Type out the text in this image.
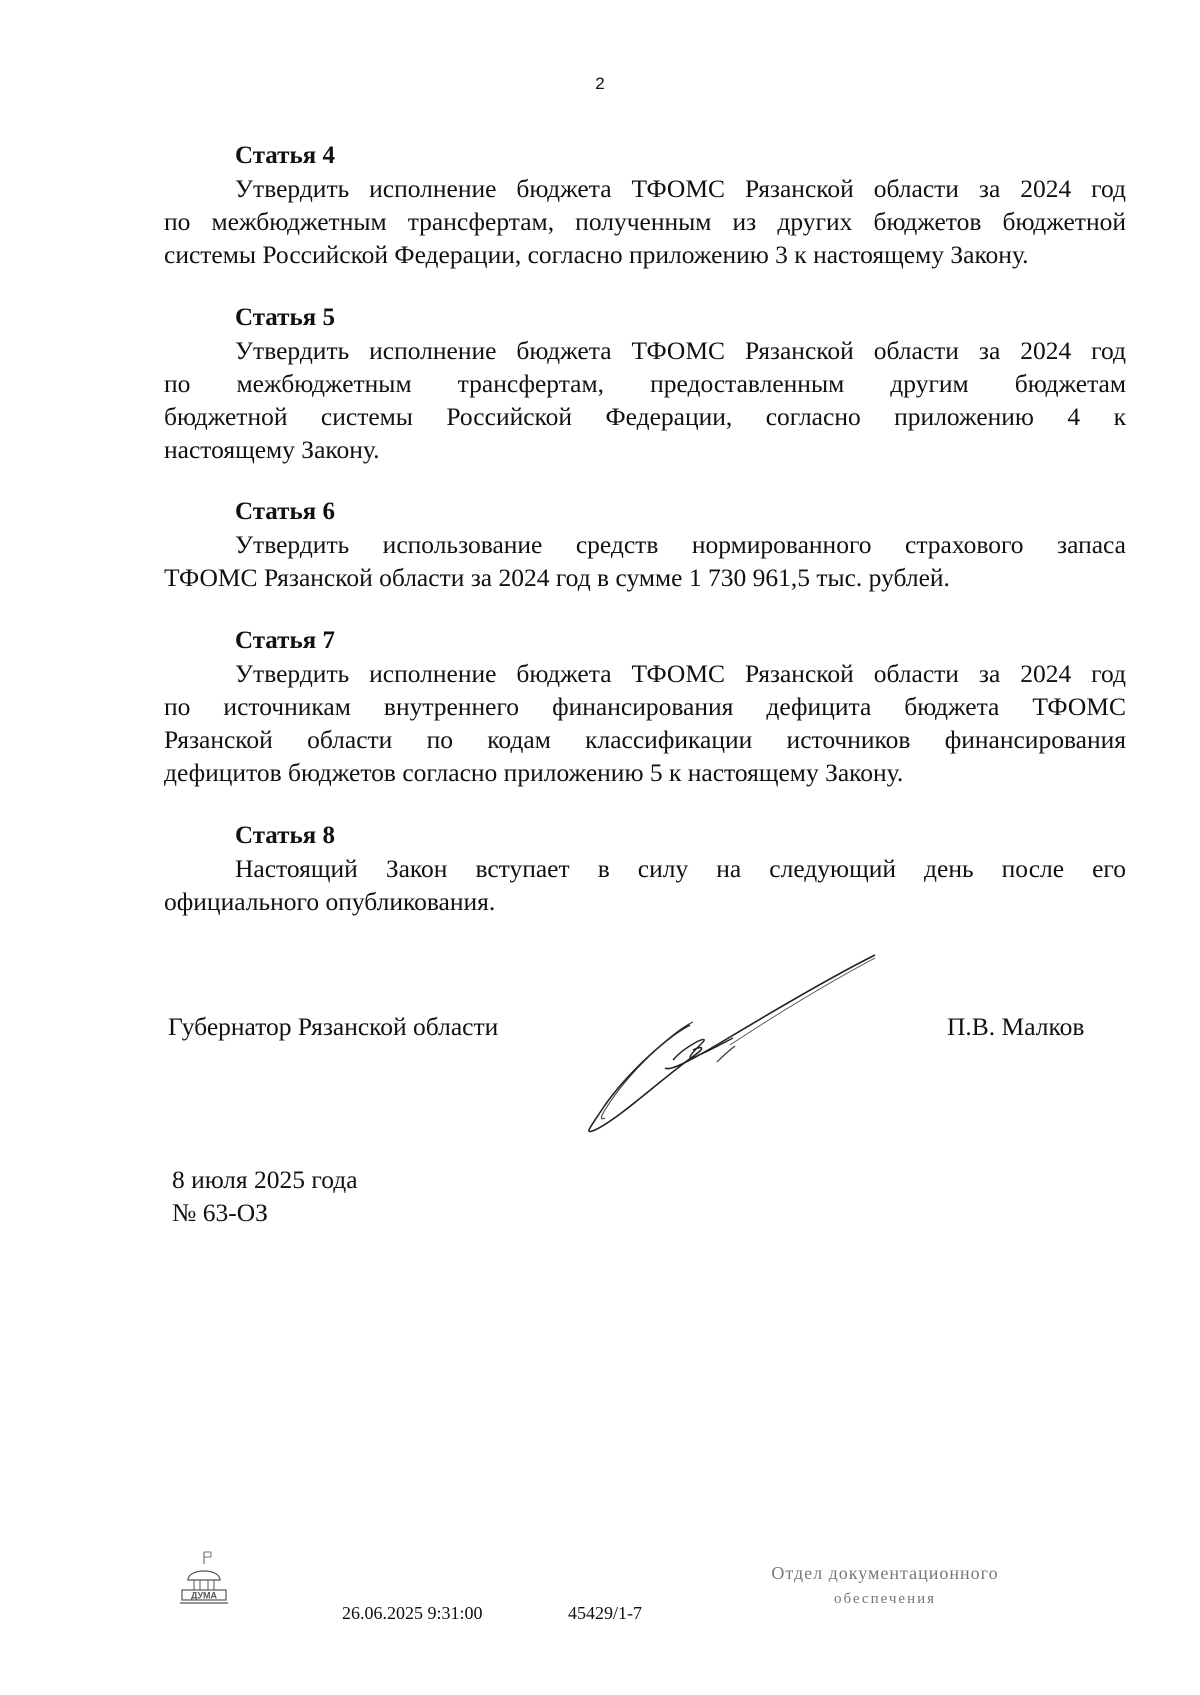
2
Статья 4
Утвердить исполнение бюджета ТФОМС Рязанской области за 2024 год
по межбюджетным трансфертам, полученным из других бюджетов бюджетной
системы Российской Федерации, согласно приложению 3 к настоящему Закону.
Статья 5
Утвердить исполнение бюджета ТФОМС Рязанской области за 2024 год
по межбюджетным трансфертам, предоставленным другим бюджетам
бюджетной системы Российской Федерации, согласно приложению 4 к
настоящему Закону.
Статья 6
Утвердить использование средств нормированного страхового запаса
ТФОМС Рязанской области за 2024 год в сумме 1 730 961,5 тыс. рублей.
Статья 7
Утвердить исполнение бюджета ТФОМС Рязанской области за 2024 год
по источникам внутреннего финансирования дефицита бюджета ТФОМС
Рязанской области по кодам классификации источников финансирования
дефицитов бюджетов согласно приложению 5 к настоящему Закону.
Статья 8
Настоящий Закон вступает в силу на следующий день после его
официального опубликования.
Губернатор Рязанской области	П.В. Малков
8 июля 2025 года
№ 63-ОЗ
ДУМА
26.06.2025 9:31:00	45429/1-7
Отдел документационного
обеспечения
